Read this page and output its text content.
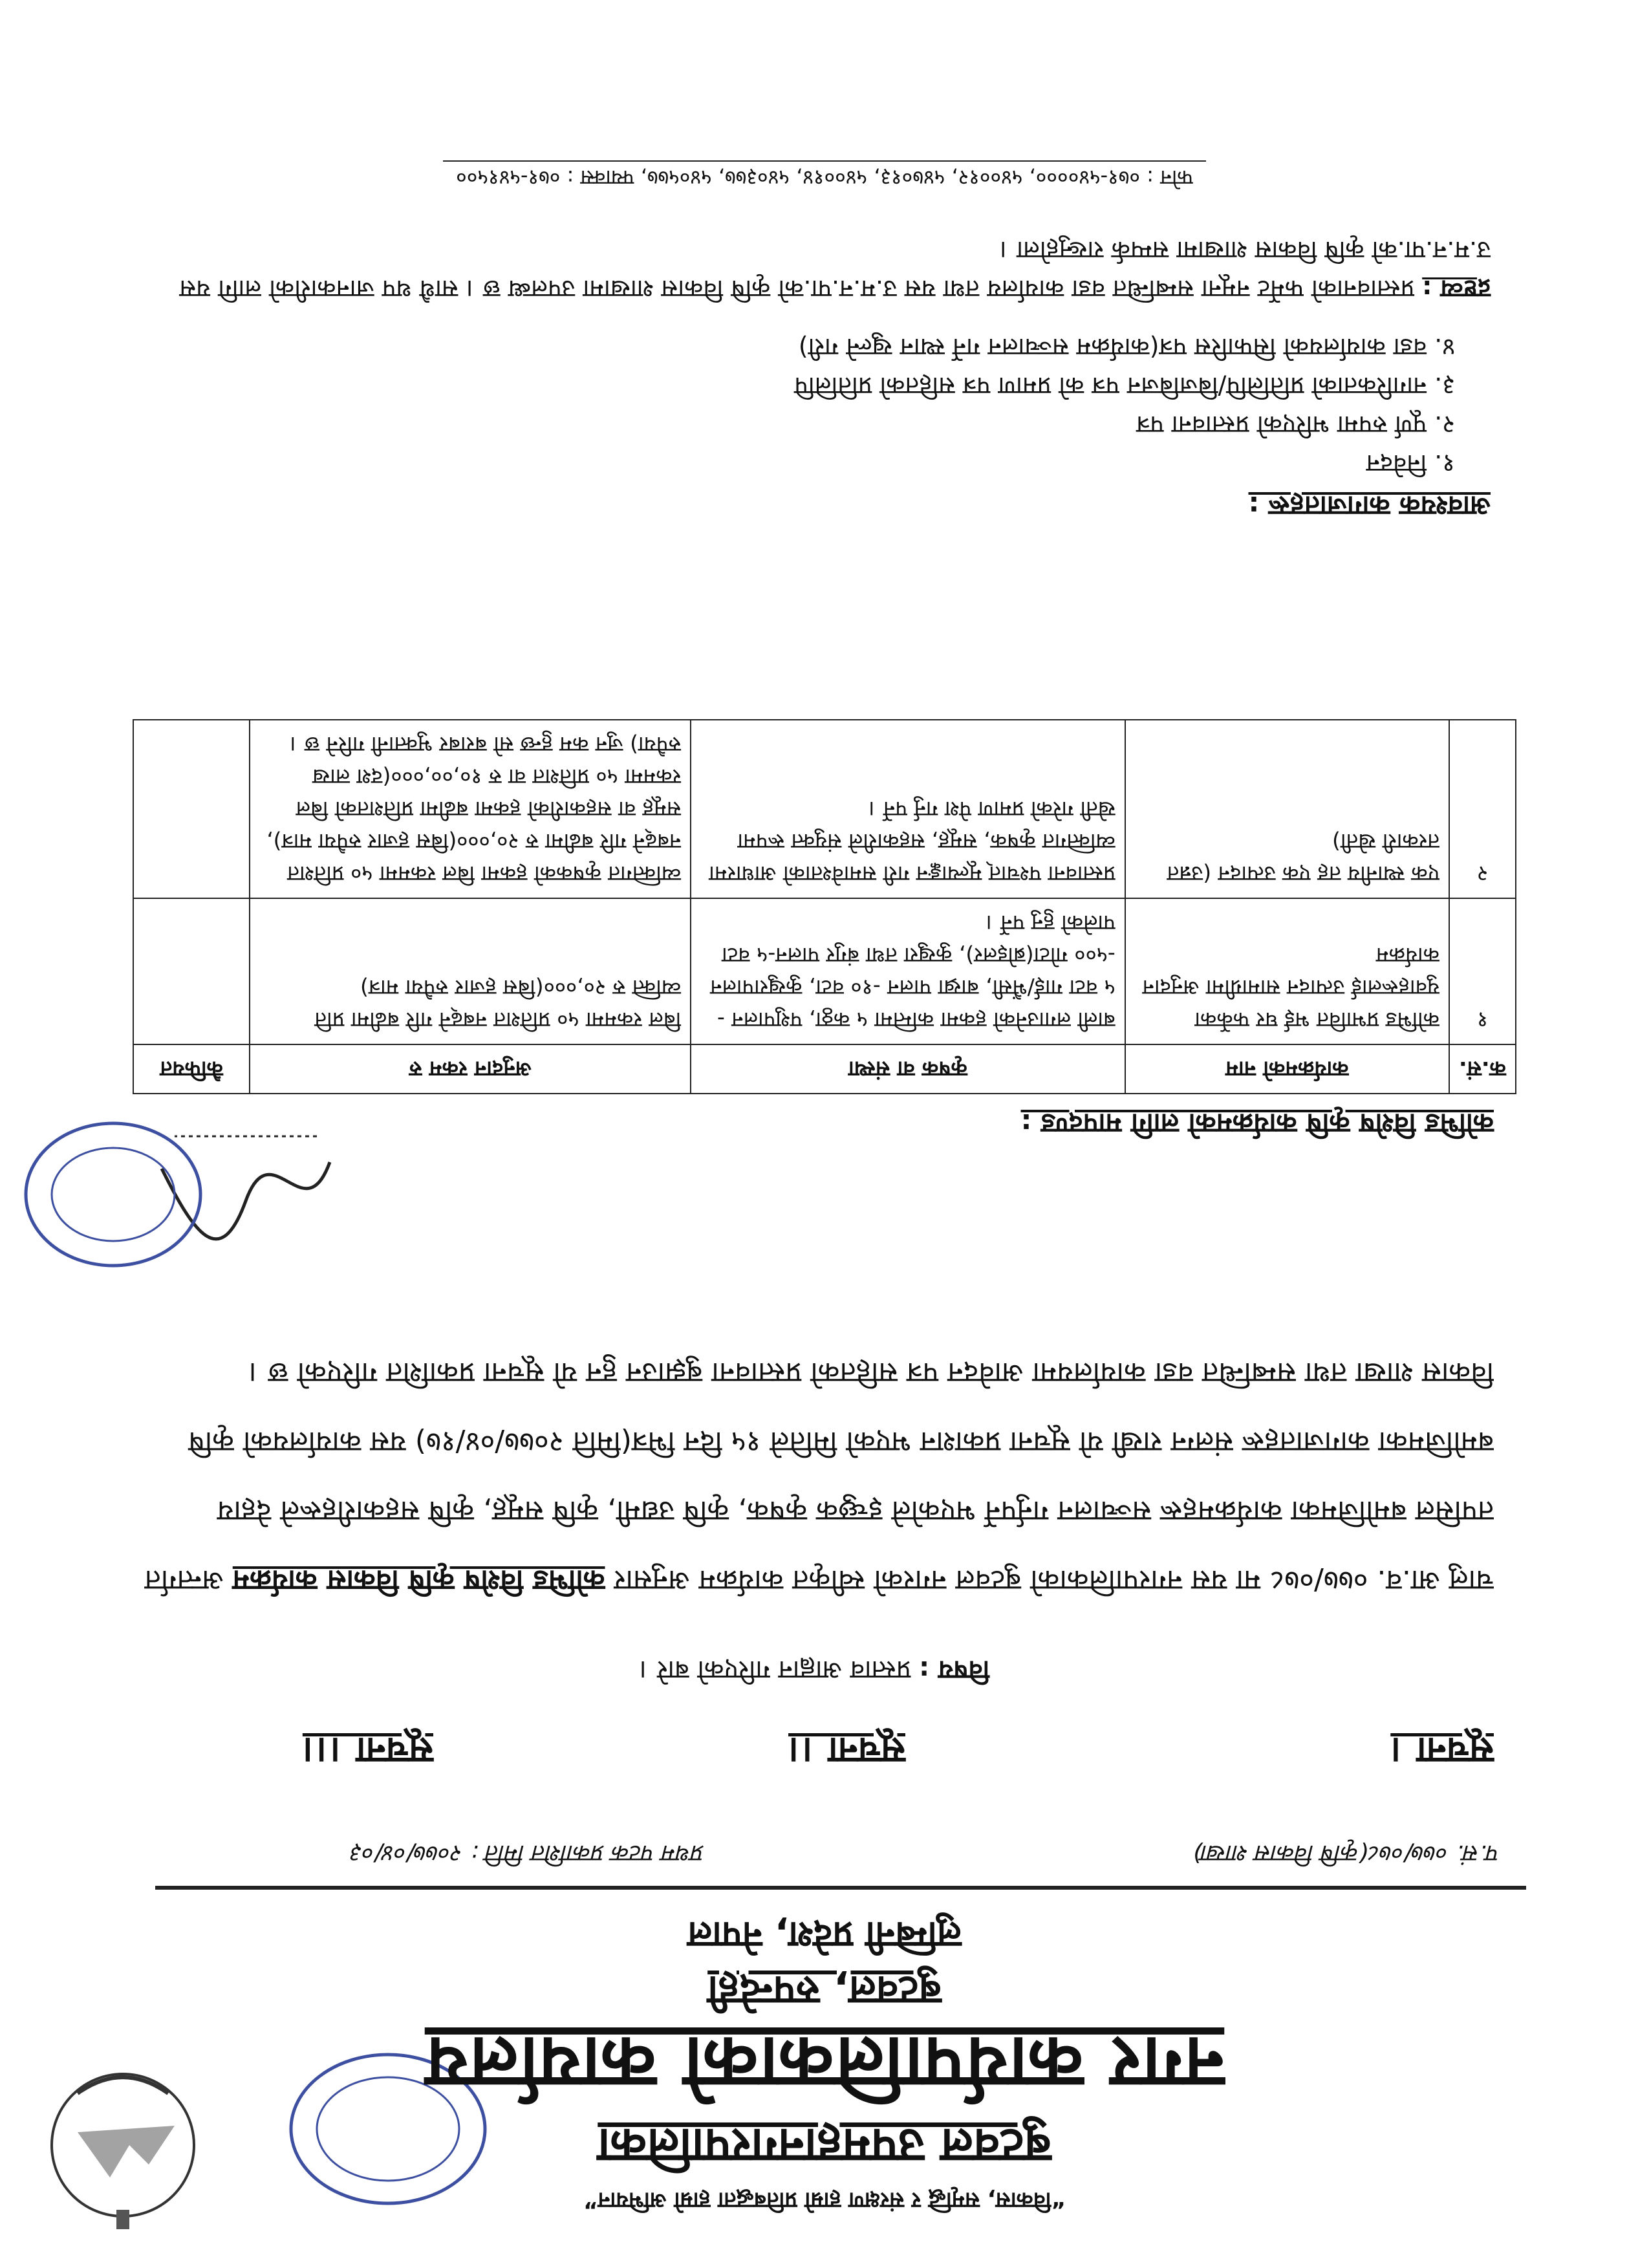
“विकास, समृद्धि र संरक्षण हाम्रो प्रतिबद्धता हाम्रो अभियान”
बुटवल उपमहानगरपालिका
नगर कार्यपालिकाको कार्यालय
बुटवल, रुपन्देही
लुम्बिनी प्रदेश, नेपाल
प.सं. ०७७/०७८(कृषि विकास शाखा)
प्रथम पटक प्रकाशित मिति : २०७७/०४/०३
सूचना ।
सूचना ।।
सूचना ।।।
विषय : प्रस्ताव आह्वान गरिएको बारे ।
चालु आ.व. ०७७/०७८ मा यस नगरपालिकाको बुटवल नगरको स्वीकृत कार्यक्रम अनुसार कोभिड विशेष कृषि विकास कार्यक्रम अन्तर्गत तपसिल बमोजिमका कार्यक्रमहरू सञ्चालन गर्नुपर्ने भएकोले इच्छुक कृषक, कृषि उद्यमी, कृषि समूह, कृषि सहकारीहरूले देहाय बमोजिमका कागजातहरू संलग्न राखी यो सूचना प्रकाशन भएको मितिले १५ दिन भित्र(मिति २०७७/०४/१७) यस कार्यालयको कृषि विकास शाखा तथा सम्बन्धित वडा कार्यालयमा आवेदन पत्र सहितको प्रस्तावना बुझाउन हुन यो सूचना प्रकाशित गरिएको छ ।
कोभिड विशेष कृषि कार्यक्रमको लागि मापदण्ड :
क.सं.	कार्यक्रमको नाम	कृषक वा संस्था	अनुदान रकम रु	कैफियत
१	कोभिड प्रभावित भई घर फर्केका युवाहरूलाई उत्पादन सामाग्रीमा अनुदान कार्यक्रम	बाली लगाउनेको हकमा कम्तिमा ५ कठ्ठा, पशुपालन - ५ वटा गाई/भैंसी, बाख्रा पालन -१० वटा, कुखुरापालन -५०० गोटा(ब्रोइलर), कुखुरा तथा बंगुर पालन-५ वटा पालेको हुनु पर्ने ।	बिल रकममा ५० प्रतिशत नबढ्ने गरि बढीमा प्रति व्यक्ति रु २०,०००(बिस हजार रुपैया मात्र)	
२	एक स्थानीय तह एक उत्पादन (उन्नत तरकारी खेती)	प्रस्तावना पश्चात् मूल्याङ्कन गरी समावेश्ताको आधारमा व्यक्तिगत कृषक, समूह, सहकारीले संयुक्त रूपमा खेती गरेको प्रमाण पेश गर्नु पर्ने ।	व्यक्तिगत कृषकको हकमा बिल रकममा ५० प्रतिशत नबढ्ने गरि बढीमा रु २०,०००(बिस हजार रुपैया मात्र), समूह वा सहकारीको हकमा बढीमा प्रतिशतको बिल रकममा ५० प्रतिशत वा रु १०,००,०००(दश लाख रुपैया) जुन कम हुन्छ सो बराबर भुक्तानी गरिने छ ।	
आवश्यक कागजातहरू :
१. निवेदन
२. पूर्ण रुपमा भरिएको प्रस्तावना पत्र
३. नागरिकताको प्रतिलिपि/बिजबिजन पत्र को प्रमाण पत्र सहितको प्रतिलिपि
४. वडा कार्यालयको सिफारिस पत्र(कार्यक्रम सञ्चालन गर्ने स्थान खुल्ने गरी)
द्रष्टव्य : प्रस्तावनाको फर्मेट नमूना सम्बन्धित वडा कार्यालय तथा यस उ.म.न.पा.को कृषि विकास शाखामा उपलब्ध छ । साथै थप जानकारीको लागि यस उ.म.न.पा.को कृषि विकास शाखामा सम्पर्क राख्नुहोला ।
फोन : ०७१-५४००००, ५४००१२, ५४७०१३, ५४००१४, ५४०३७७, ५४०५७७, फ्याक्स : ०७१-५४१५००
